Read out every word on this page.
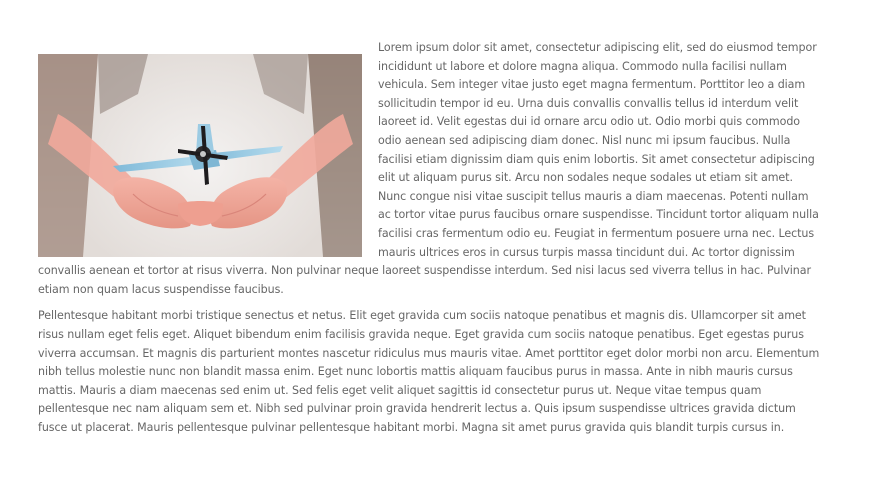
Lorem ipsum dolor sit amet, consectetur adipiscing elit, sed do eiusmod tempor incididunt ut labore et dolore magna aliqua. Commodo nulla facilisi nullam vehicula. Sem integer vitae justo eget magna fermentum. Porttitor leo a diam sollicitudin tempor id eu. Urna duis convallis convallis tellus id interdum velit laoreet id. Velit egestas dui id ornare arcu odio ut. Odio morbi quis commodo odio aenean sed adipiscing diam donec. Nisl nunc mi ipsum faucibus. Nulla facilisi etiam dignissim diam quis enim lobortis. Sit amet consectetur adipiscing elit ut aliquam purus sit. Arcu non sodales neque sodales ut etiam sit amet. Nunc congue nisi vitae suscipit tellus mauris a diam maecenas. Potenti nullam ac tortor vitae purus faucibus ornare suspendisse. Tincidunt tortor aliquam nulla facilisi cras fermentum odio eu. Feugiat in fermentum posuere urna nec. Lectus mauris ultrices eros in cursus turpis massa tincidunt dui. Ac tortor dignissim convallis aenean et tortor at risus viverra. Non pulvinar neque laoreet suspendisse interdum. Sed nisi lacus sed viverra tellus in hac. Pulvinar etiam non quam lacus suspendisse faucibus.

Pellentesque habitant morbi tristique senectus et netus. Elit eget gravida cum sociis natoque penatibus et magnis dis. Ullamcorper sit amet risus nullam eget felis eget. Aliquet bibendum enim facilisis gravida neque. Eget gravida cum sociis natoque penatibus. Eget egestas purus viverra accumsan. Et magnis dis parturient montes nascetur ridiculus mus mauris vitae. Amet porttitor eget dolor morbi non arcu. Elementum nibh tellus molestie nunc non blandit massa enim. Eget nunc lobortis mattis aliquam faucibus purus in massa. Ante in nibh mauris cursus mattis. Mauris a diam maecenas sed enim ut. Sed felis eget velit aliquet sagittis id consectetur purus ut. Neque vitae tempus quam pellentesque nec nam aliquam sem et. Nibh sed pulvinar proin gravida hendrerit lectus a. Quis ipsum suspendisse ultrices gravida dictum fusce ut placerat. Mauris pellentesque pulvinar pellentesque habitant morbi. Magna sit amet purus gravida quis blandit turpis cursus in.
